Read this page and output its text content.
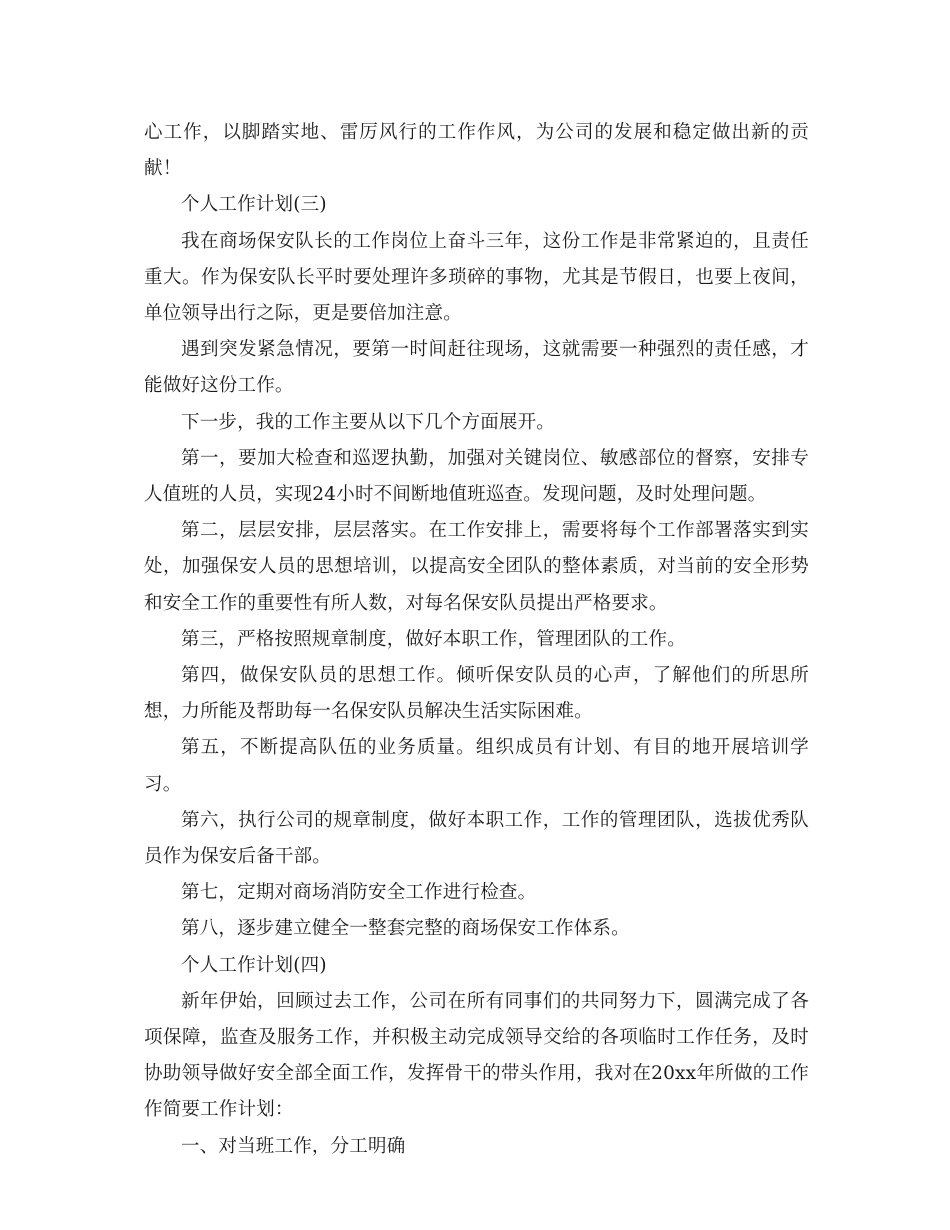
心工作，以脚踏实地、雷厉风行的工作作风，为公司的发展和稳定做出新的贡献！

个人工作计划(三)

我在商场保安队长的工作岗位上奋斗三年，这份工作是非常紧迫的，且责任重大。作为保安队长平时要处理许多琐碎的事物，尤其是节假日，也要上夜间，单位领导出行之际，更是要倍加注意。

遇到突发紧急情况，要第一时间赶往现场，这就需要一种强烈的责任感，才能做好这份工作。

下一步，我的工作主要从以下几个方面展开。

第一，要加大检查和巡逻执勤，加强对关键岗位、敏感部位的督察，安排专人值班的人员，实现24小时不间断地值班巡查。发现问题，及时处理问题。

第二，层层安排，层层落实。在工作安排上，需要将每个工作部署落实到实处，加强保安人员的思想培训，以提高安全团队的整体素质，对当前的安全形势和安全工作的重要性有所人数，对每名保安队员提出严格要求。

第三，严格按照规章制度，做好本职工作，管理团队的工作。

第四，做保安队员的思想工作。倾听保安队员的心声，了解他们的所思所想，力所能及帮助每一名保安队员解决生活实际困难。

第五，不断提高队伍的业务质量。组织成员有计划、有目的地开展培训学习。

第六，执行公司的规章制度，做好本职工作，工作的管理团队，选拔优秀队员作为保安后备干部。

第七，定期对商场消防安全工作进行检查。

第八，逐步建立健全一整套完整的商场保安工作体系。

个人工作计划(四)

新年伊始，回顾过去工作，公司在所有同事们的共同努力下，圆满完成了各项保障，监查及服务工作，并积极主动完成领导交给的各项临时工作任务，及时协助领导做好安全部全面工作，发挥骨干的带头作用，我对在20xx年所做的工作作简要工作计划：

一、对当班工作，分工明确
